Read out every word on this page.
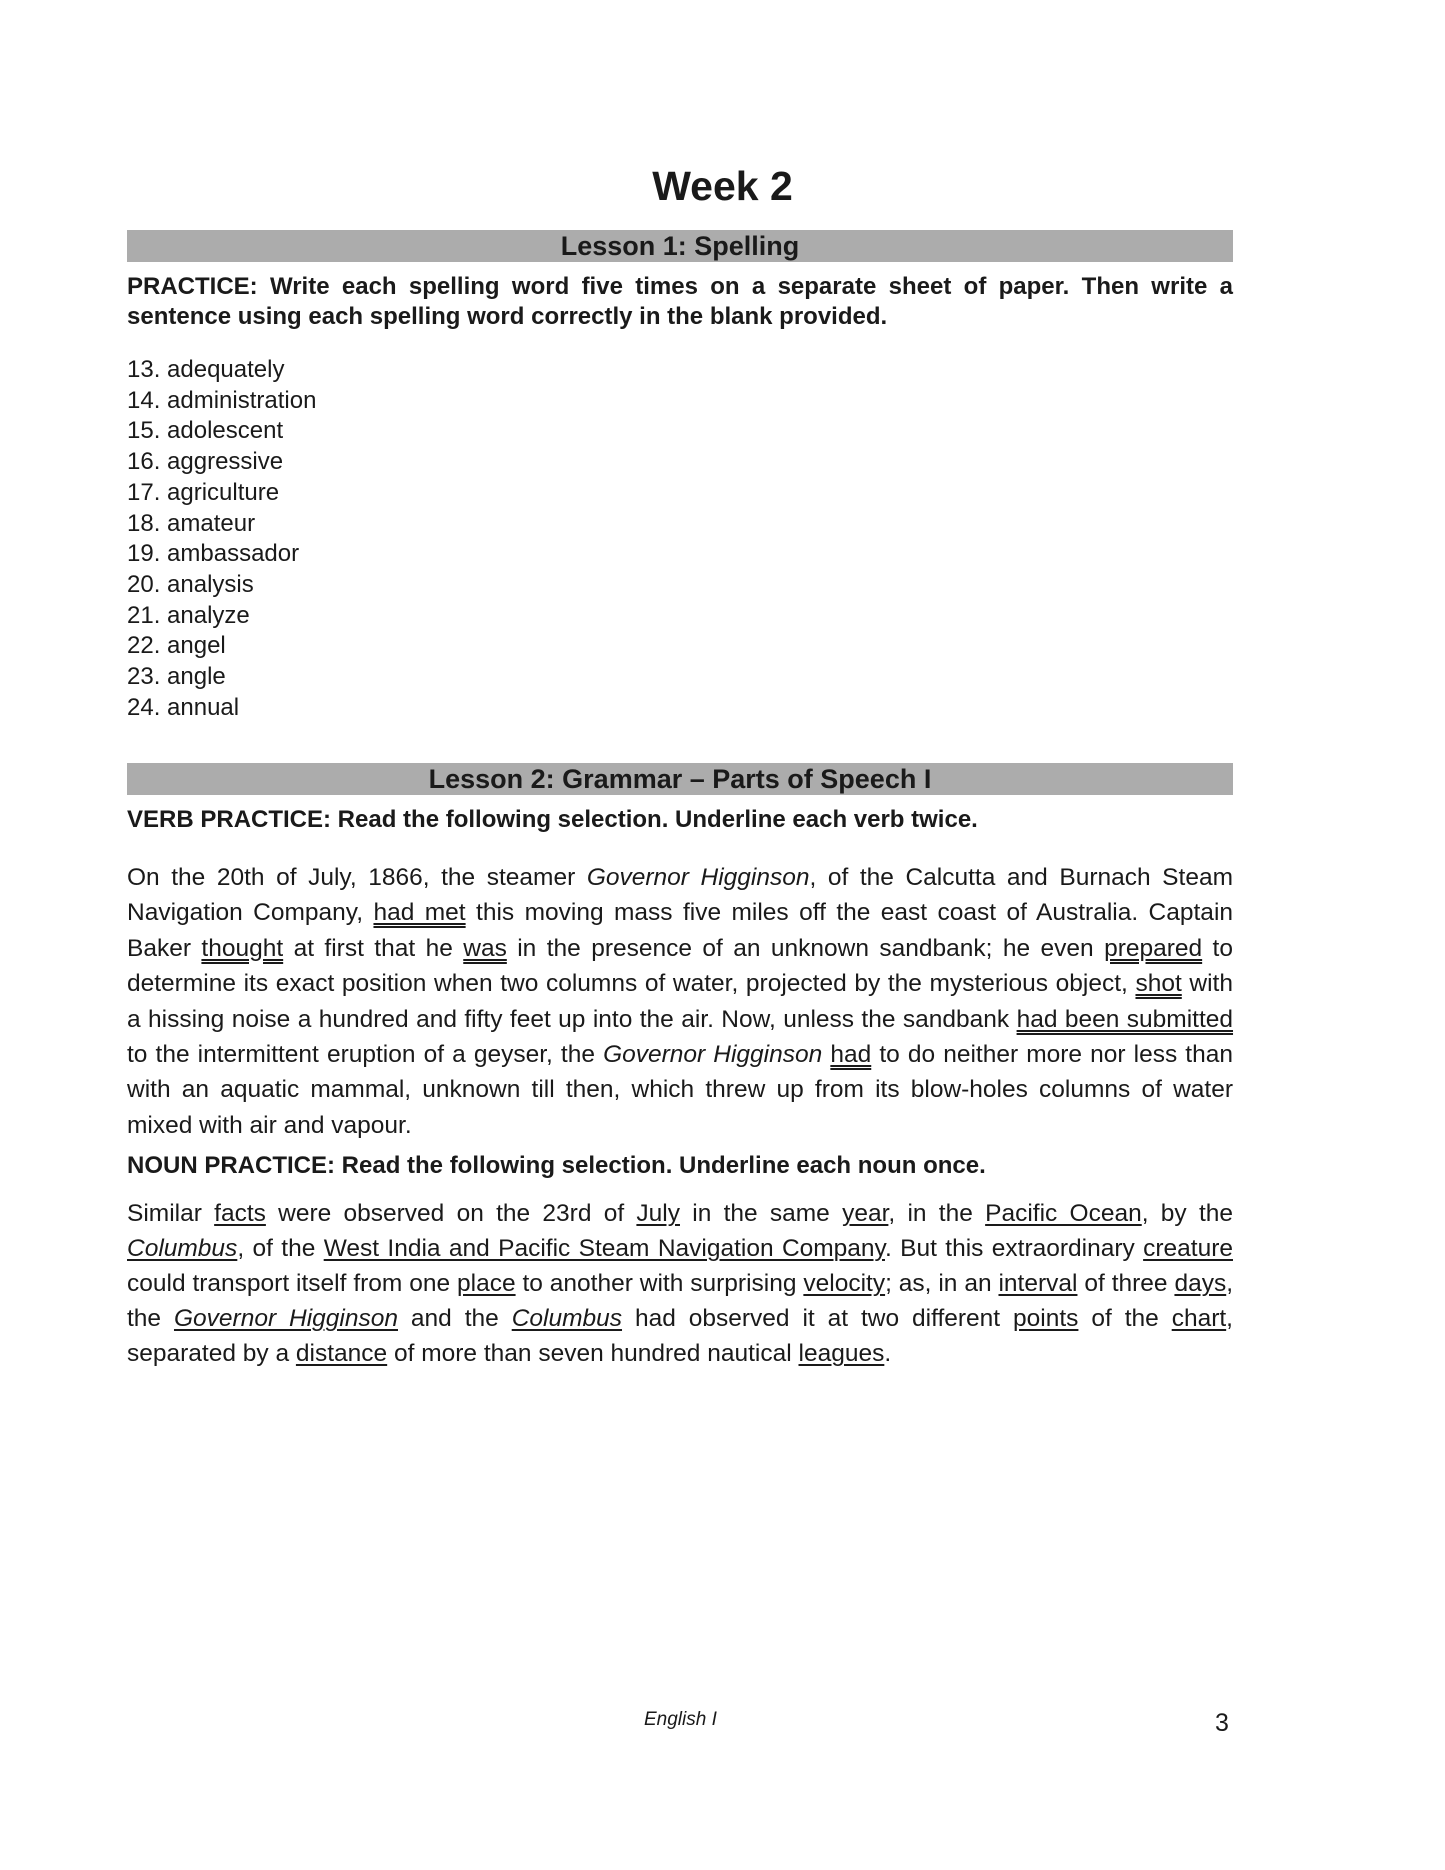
Week 2
Lesson 1: Spelling
PRACTICE: Write each spelling word five times on a separate sheet of paper. Then write a sentence using each spelling word correctly in the blank provided.
13. adequately
14. administration
15. adolescent
16. aggressive
17. agriculture
18. amateur
19. ambassador
20. analysis
21. analyze
22. angel
23. angle
24. annual
Lesson 2: Grammar – Parts of Speech I
VERB PRACTICE: Read the following selection. Underline each verb twice.
On the 20th of July, 1866, the steamer Governor Higginson, of the Calcutta and Burnach Steam Navigation Company, had met this moving mass five miles off the east coast of Australia. Captain Baker thought at first that he was in the presence of an unknown sandbank; he even prepared to determine its exact position when two columns of water, projected by the mysterious object, shot with a hissing noise a hundred and fifty feet up into the air. Now, unless the sandbank had been submitted to the intermittent eruption of a geyser, the Governor Higginson had to do neither more nor less than with an aquatic mammal, unknown till then, which threw up from its blow-holes columns of water mixed with air and vapour.
NOUN PRACTICE: Read the following selection. Underline each noun once.
Similar facts were observed on the 23rd of July in the same year, in the Pacific Ocean, by the Columbus, of the West India and Pacific Steam Navigation Company. But this extraordinary creature could transport itself from one place to another with surprising velocity; as, in an interval of three days, the Governor Higginson and the Columbus had observed it at two different points of the chart, separated by a distance of more than seven hundred nautical leagues.
English I	3
